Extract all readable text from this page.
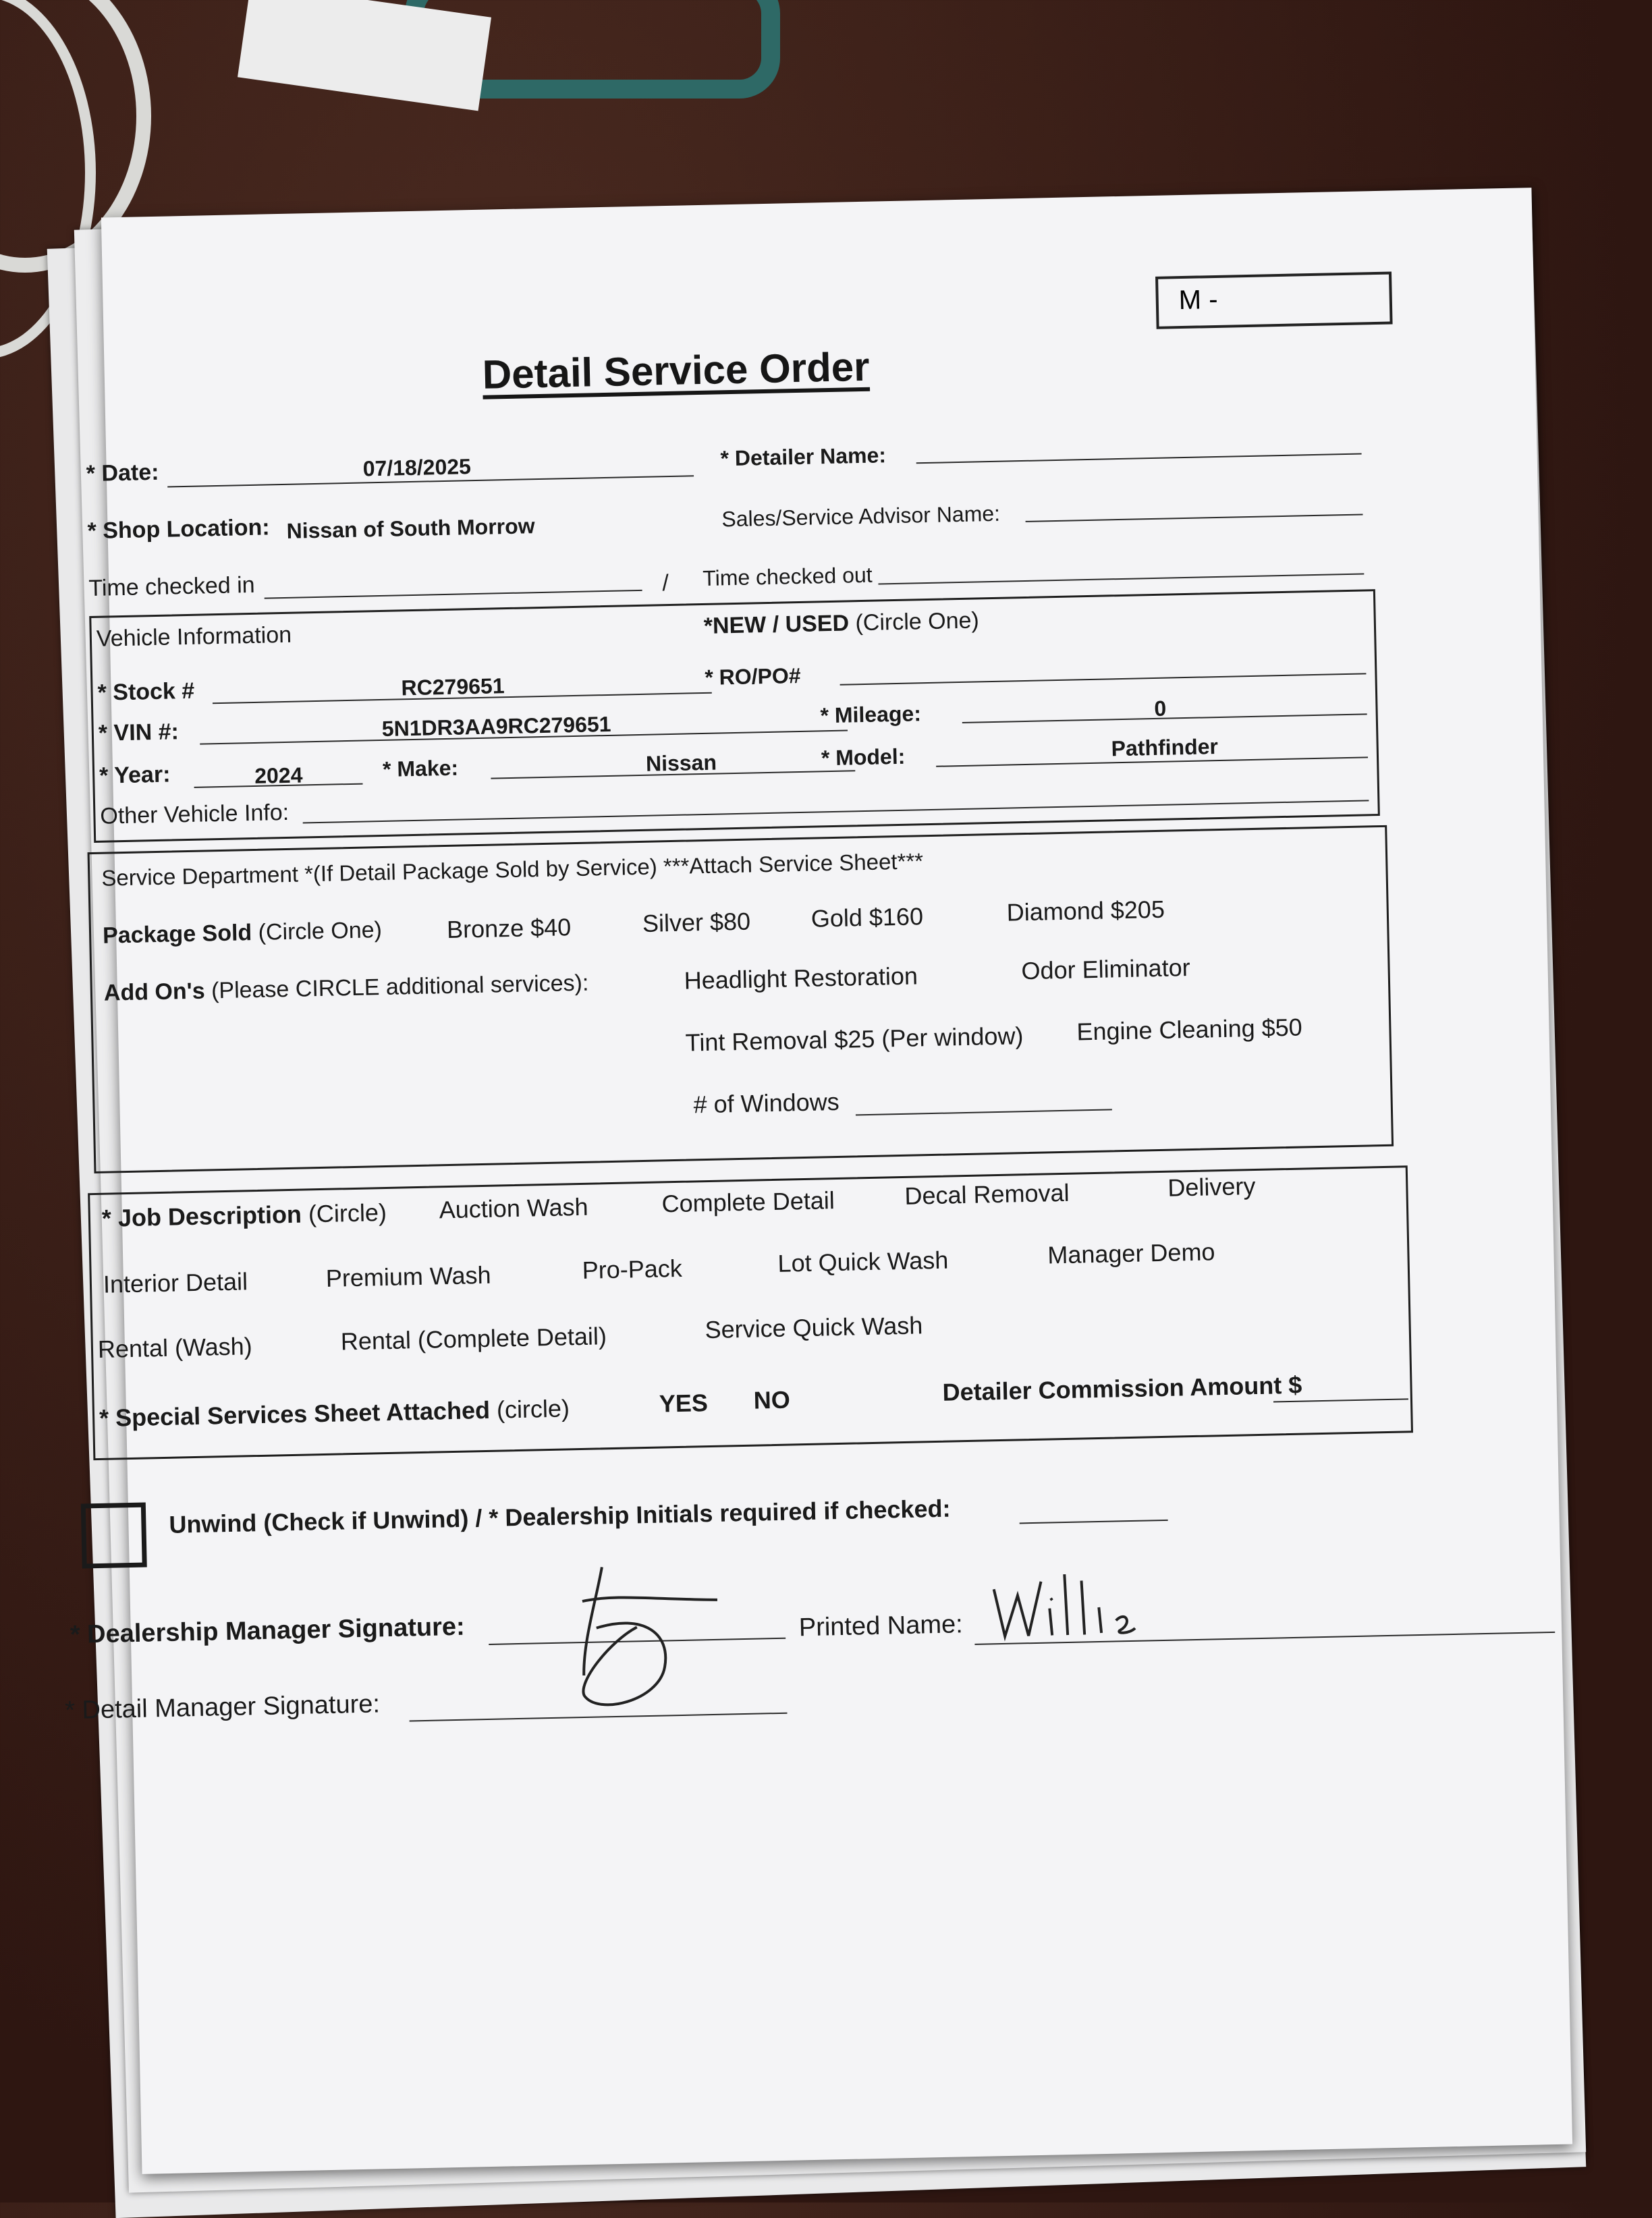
M -
Detail Service Order
* Date:	07/18/2025	* Detailer Name:
* Shop Location: Nissan of South Morrow	Sales/Service Advisor Name:
Time checked in	/ Time checked out
Vehicle Information	*NEW / USED (Circle One)
* Stock #	RC279651	* RO/PO#
* VIN #:	5N1DR3AA9RC279651	* Mileage:	0
* Year:	2024	* Make:	Nissan	* Model:	Pathfinder
Other Vehicle Info:
Service Department *(If Detail Package Sold by Service) ***Attach Service Sheet***
Package Sold (Circle One)	Bronze $40	Silver $80 Gold $160	Diamond $205
Add On's (Please CIRCLE additional services):	Headlight Restoration	Odor Eliminator
Tint Removal $25 (Per window) Engine Cleaning $50
# of Windows
* Job Description (Circle) Auction Wash	Complete Detail	Decal Removal	Delivery
Interior Detail	Premium Wash	Pro-Pack	Lot Quick Wash	Manager Demo
Rental (Wash)	Rental (Complete Detail)	Service Quick Wash
* Special Services Sheet Attached (circle)	YES NO	Detailer Commission Amount $
Unwind (Check if Unwind) / * Dealership Initials required if checked:
* Dealership Manager Signature:	Printed Name:
* Detail Manager Signature:
